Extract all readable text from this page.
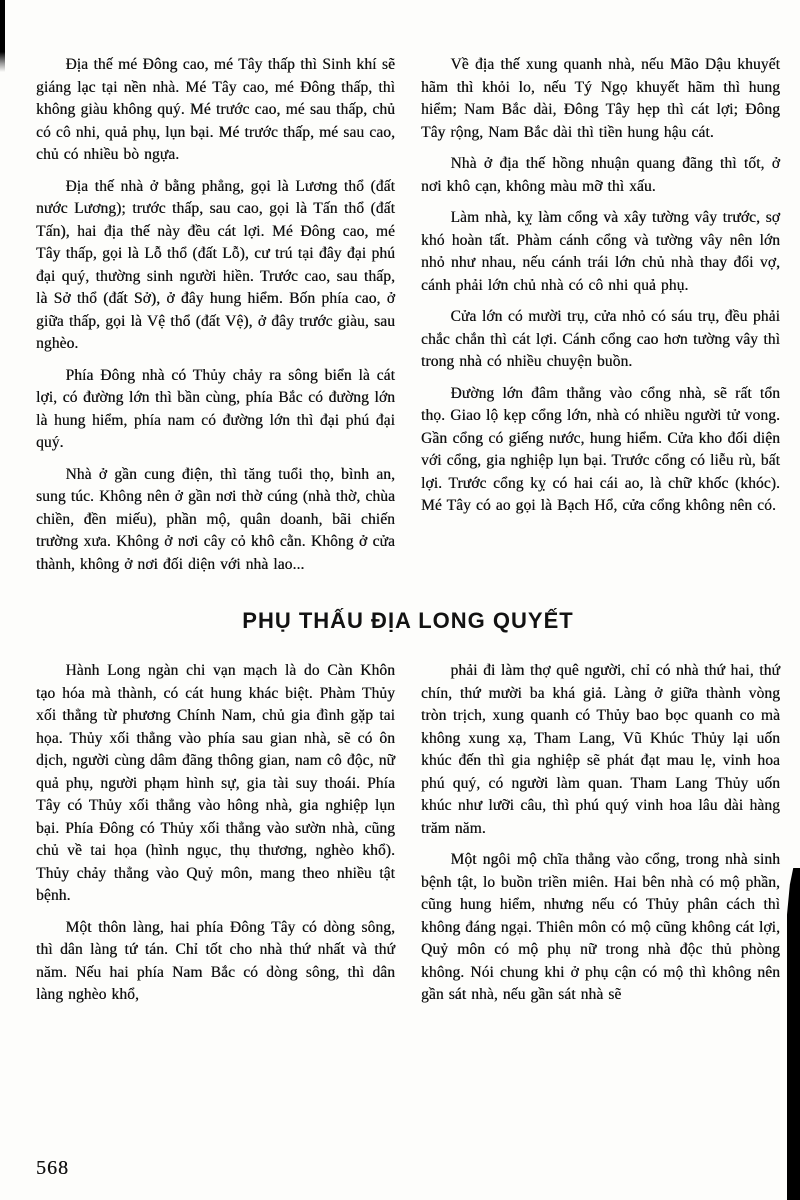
Địa thế mé Đông cao, mé Tây thấp thì Sinh khí sẽ giáng lạc tại nền nhà. Mé Tây cao, mé Đông thấp, thì không giàu không quý. Mé trước cao, mé sau thấp, chủ có cô nhi, quả phụ, lụn bại. Mé trước thấp, mé sau cao, chủ có nhiều bò ngựa.

Địa thế nhà ở bằng phẳng, gọi là Lương thổ (đất nước Lương); trước thấp, sau cao, gọi là Tấn thổ (đất Tấn), hai địa thế này đều cát lợi. Mé Đông cao, mé Tây thấp, gọi là Lỗ thổ (đất Lỗ), cư trú tại đây đại phú đại quý, thường sinh người hiền. Trước cao, sau thấp, là Sở thổ (đất Sở), ở đây hung hiểm. Bốn phía cao, ở giữa thấp, gọi là Vệ thổ (đất Vệ), ở đây trước giàu, sau nghèo.

Phía Đông nhà có Thủy chảy ra sông biển là cát lợi, có đường lớn thì bần cùng, phía Bắc có đường lớn là hung hiểm, phía nam có đường lớn thì đại phú đại quý.

Nhà ở gần cung điện, thì tăng tuổi thọ, bình an, sung túc. Không nên ở gần nơi thờ cúng (nhà thờ, chùa chiền, đền miếu), phần mộ, quân doanh, bãi chiến trường xưa. Không ở nơi cây cỏ khô cằn. Không ở cửa thành, không ở nơi đối diện với nhà lao...

Về địa thế xung quanh nhà, nếu Mão Dậu khuyết hãm thì khỏi lo, nếu Tý Ngọ khuyết hãm thì hung hiểm; Nam Bắc dài, Đông Tây hẹp thì cát lợi; Đông Tây rộng, Nam Bắc dài thì tiền hung hậu cát.

Nhà ở địa thế hồng nhuận quang đãng thì tốt, ở nơi khô cạn, không màu mỡ thì xấu.

Làm nhà, kỵ làm cổng và xây tường vây trước, sợ khó hoàn tất. Phàm cánh cổng và tường vây nên lớn nhỏ như nhau, nếu cánh trái lớn chủ nhà thay đổi vợ, cánh phải lớn chủ nhà có cô nhi quả phụ.

Cửa lớn có mười trụ, cửa nhỏ có sáu trụ, đều phải chắc chắn thì cát lợi. Cánh cổng cao hơn tường vây thì trong nhà có nhiều chuyện buồn.

Đường lớn đâm thẳng vào cổng nhà, sẽ rất tổn thọ. Giao lộ kẹp cổng lớn, nhà có nhiều người tử vong. Gần cổng có giếng nước, hung hiểm. Cửa kho đối diện với cổng, gia nghiệp lụn bại. Trước cổng có liễu rù, bất lợi. Trước cổng kỵ có hai cái ao, là chữ khốc (khóc). Mé Tây có ao gọi là Bạch Hổ, cửa cổng không nên có.

PHỤ THẤU ĐỊA LONG QUYẾT

Hành Long ngàn chi vạn mạch là do Càn Khôn tạo hóa mà thành, có cát hung khác biệt. Phàm Thủy xối thẳng từ phương Chính Nam, chủ gia đình gặp tai họa. Thủy xối thẳng vào phía sau gian nhà, sẽ có ôn dịch, người cùng dâm đãng thông gian, nam cô độc, nữ quả phụ, người phạm hình sự, gia tài suy thoái. Phía Tây có Thủy xối thẳng vào hông nhà, gia nghiệp lụn bại. Phía Đông có Thủy xối thẳng vào sườn nhà, cũng chủ về tai họa (hình ngục, thụ thương, nghèo khổ). Thủy chảy thẳng vào Quỷ môn, mang theo nhiều tật bệnh.

Một thôn làng, hai phía Đông Tây có dòng sông, thì dân làng tứ tán. Chỉ tốt cho nhà thứ nhất và thứ năm. Nếu hai phía Nam Bắc có dòng sông, thì dân làng nghèo khổ,

phải đi làm thợ quê người, chỉ có nhà thứ hai, thứ chín, thứ mười ba khá giả. Làng ở giữa thành vòng tròn trịch, xung quanh có Thủy bao bọc quanh co mà không xung xạ, Tham Lang, Vũ Khúc Thủy lại uốn khúc đến thì gia nghiệp sẽ phát đạt mau lẹ, vinh hoa phú quý, có người làm quan. Tham Lang Thủy uốn khúc như lưỡi câu, thì phú quý vinh hoa lâu dài hàng trăm năm.

Một ngôi mộ chĩa thẳng vào cổng, trong nhà sinh bệnh tật, lo buồn triền miên. Hai bên nhà có mộ phần, cũng hung hiểm, nhưng nếu có Thủy phân cách thì không đáng ngại. Thiên môn có mộ cũng không cát lợi, Quỷ môn có mộ phụ nữ trong nhà độc thủ phòng không. Nói chung khi ở phụ cận có mộ thì không nên gần sát nhà, nếu gần sát nhà sẽ

568
